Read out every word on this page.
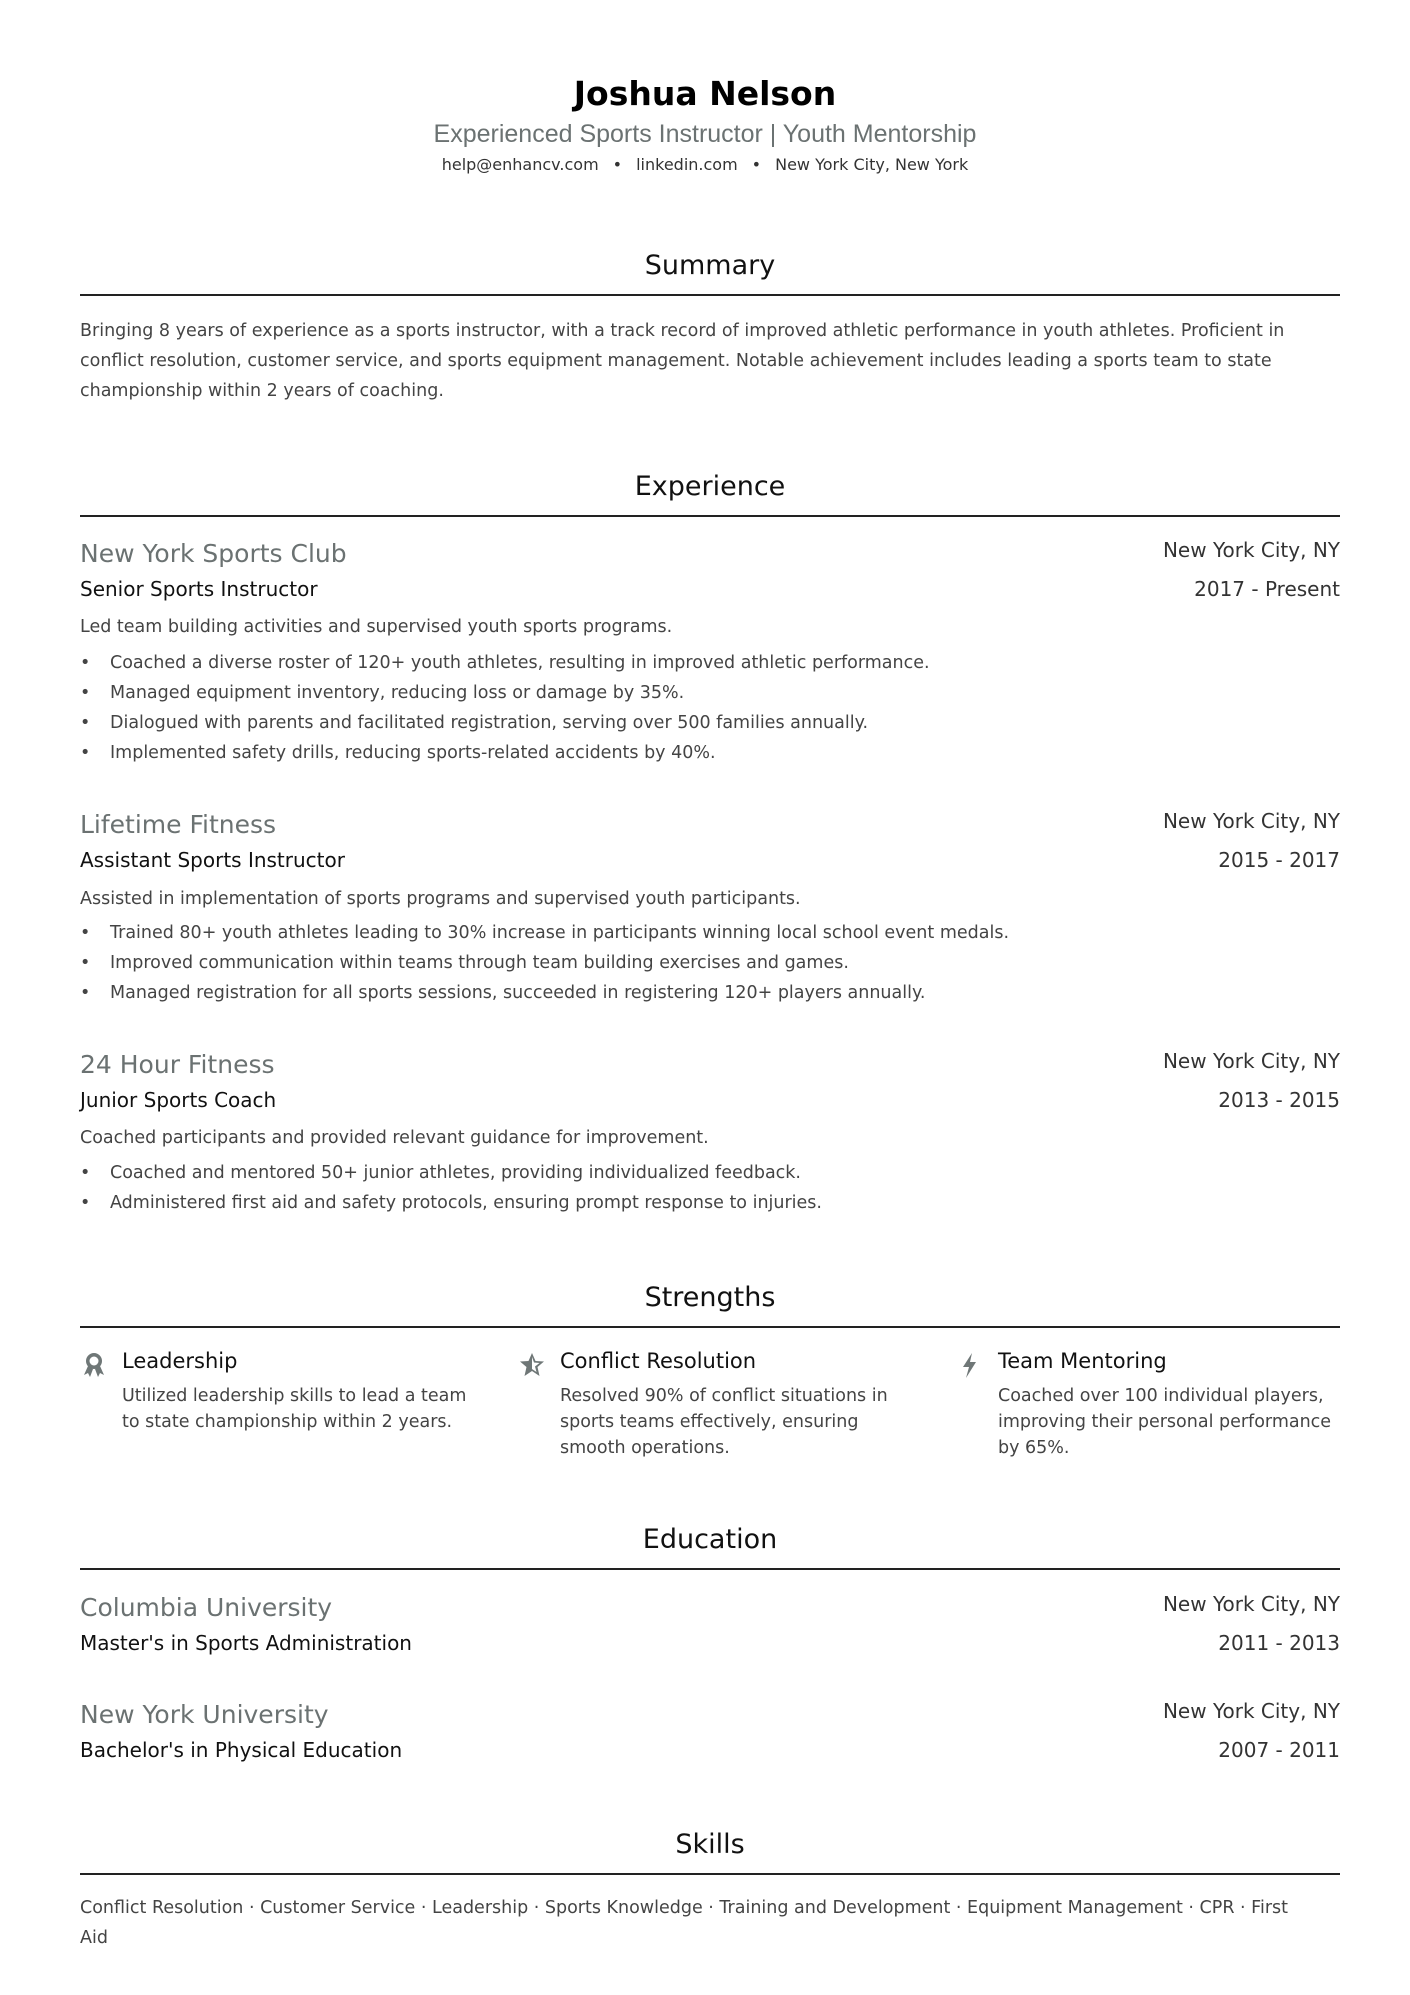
Joshua Nelson
Experienced Sports Instructor | Youth Mentorship
help@enhancv.com • linkedin.com • New York City, New York
Summary
Bringing 8 years of experience as a sports instructor, with a track record of improved athletic performance in youth athletes. Proficient in conflict resolution, customer service, and sports equipment management. Notable achievement includes leading a sports team to state championship within 2 years of coaching.
Experience
New York Sports Club	New York City, NY
Senior Sports Instructor	2017 - Present
Led team building activities and supervised youth sports programs.
• Coached a diverse roster of 120+ youth athletes, resulting in improved athletic performance.
• Managed equipment inventory, reducing loss or damage by 35%.
• Dialogued with parents and facilitated registration, serving over 500 families annually.
• Implemented safety drills, reducing sports-related accidents by 40%.
Lifetime Fitness	New York City, NY
Assistant Sports Instructor	2015 - 2017
Assisted in implementation of sports programs and supervised youth participants.
• Trained 80+ youth athletes leading to 30% increase in participants winning local school event medals.
• Improved communication within teams through team building exercises and games.
• Managed registration for all sports sessions, succeeded in registering 120+ players annually.
24 Hour Fitness	New York City, NY
Junior Sports Coach	2013 - 2015
Coached participants and provided relevant guidance for improvement.
• Coached and mentored 50+ junior athletes, providing individualized feedback.
• Administered first aid and safety protocols, ensuring prompt response to injuries.
Strengths
Leadership
Utilized leadership skills to lead a team to state championship within 2 years.
Conflict Resolution
Resolved 90% of conflict situations in sports teams effectively, ensuring smooth operations.
Team Mentoring
Coached over 100 individual players, improving their personal performance by 65%.
Education
Columbia University	New York City, NY
Master's in Sports Administration	2011 - 2013
New York University	New York City, NY
Bachelor's in Physical Education	2007 - 2011
Skills
Conflict Resolution · Customer Service · Leadership · Sports Knowledge · Training and Development · Equipment Management · CPR · First Aid
